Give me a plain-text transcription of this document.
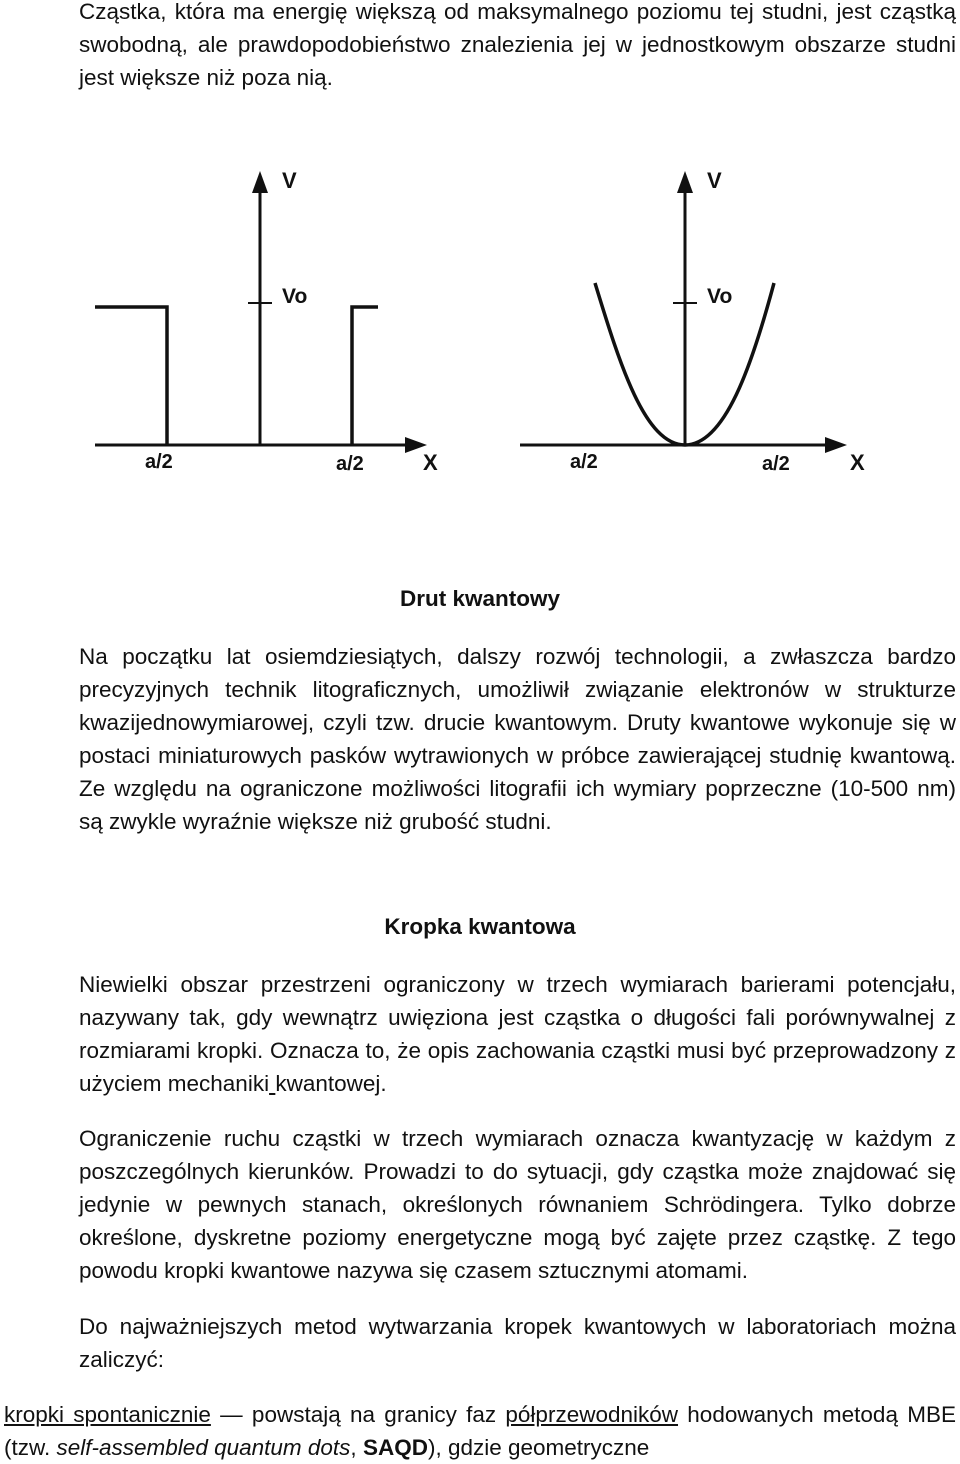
Cząstka, która ma energię większą od maksymalnego poziomu tej studni, jest cząstką swobodną, ale prawdopodobieństwo znalezienia jej w jednostkowym obszarze studni jest większe niż poza nią.

V
Vo
X
a/2	a/2
V
Vo
X
a/2	a/2

Drut kwantowy

Na początku lat osiemdziesiątych, dalszy rozwój technologii, a zwłaszcza bardzo precyzyjnych technik litograficznych, umożliwił związanie elektronów w strukturze kwazijednowymiarowej, czyli tzw. drucie kwantowym. Druty kwantowe wykonuje się w postaci miniaturowych pasków wytrawionych w próbce zawierającej studnię kwantową. Ze względu na ograniczone możliwości litografii ich wymiary poprzeczne (10-500 nm) są zwykle wyraźnie większe niż grubość studni.

Kropka kwantowa

Niewielki obszar przestrzeni ograniczony w trzech wymiarach barierami potencjału, nazywany tak, gdy wewnątrz uwięziona jest cząstka o długości fali porównywalnej z rozmiarami kropki. Oznacza to, że opis zachowania cząstki musi być przeprowadzony z użyciem mechaniki kwantowej.

Ograniczenie ruchu cząstki w trzech wymiarach oznacza kwantyzację w każdym z poszczególnych kierunków. Prowadzi to do sytuacji, gdy cząstka może znajdować się jedynie w pewnych stanach, określonych równaniem Schrödingera. Tylko dobrze określone, dyskretne poziomy energetyczne mogą być zajęte przez cząstkę. Z tego powodu kropki kwantowe nazywa się czasem sztucznymi atomami.

Do najważniejszych metod wytwarzania kropek kwantowych w laboratoriach można zaliczyć:

kropki spontanicznie — powstają na granicy faz półprzewodników hodowanych metodą MBE (tzw. self-assembled quantum dots, SAQD), gdzie geometryczne
